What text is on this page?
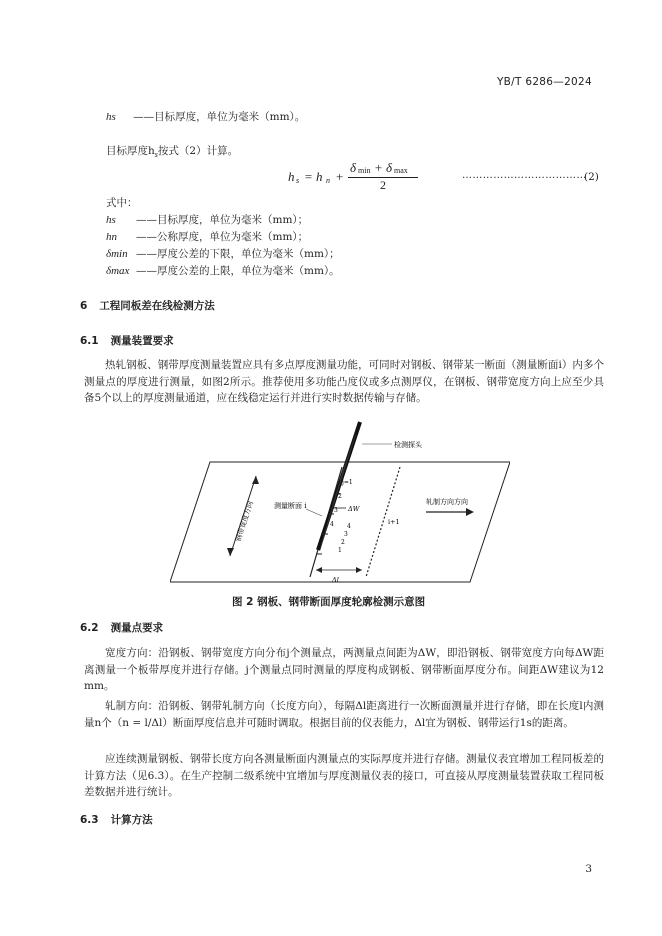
YB/T 6286—2024
hs ——目标厚度，单位为毫米（mm）。
目标厚度$h_s$按式（2）计算。
h s = h n +
δ min + δ max
2
………………………………
(2)
式中：
hs ——目标厚度，单位为毫米（mm）；
hn ——公称厚度，单位为毫米（mm）；
δmin ——厚度公差的下限，单位为毫米（mm）；
δmax ——厚度公差的上限，单位为毫米（mm）。
6 工程同板差在线检测方法
6.1 测量装置要求
热轧钢板、钢带厚度测量装置应具有多点厚度测量功能，可同时对钢板、钢带某一断面（测量断面i）内多个测量点的厚度进行测量，如图2所示。推荐使用多功能凸度仪或多点测厚仪，在钢板、钢带宽度方向上应至少具备5个以上的厚度测量通道，应在线稳定运行并进行实时数据传输与存储。
检测探头
钢带宽度方向	测量断面 i
j=1
2
3
4
1
2
3
4
ΔW
i+1
Δl
轧制方向方向
图 2 钢板、钢带断面厚度轮廓检测示意图
6.2 测量点要求
宽度方向：沿钢板、钢带宽度方向分布j个测量点，两测量点间距为ΔW，即沿钢板、钢带宽度方向每ΔW距离测量一个板带厚度并进行存储。j个测量点同时测量的厚度构成钢板、钢带断面厚度分布。间距ΔW建议为12 mm。
轧制方向：沿钢板、钢带轧制方向（长度方向），每隔Δl距离进行一次断面测量并进行存储，即在长度l内测量n个（n = l/Δl）断面厚度信息并可随时调取。根据目前的仪表能力，Δl宜为钢板、钢带运行1s的距离。
应连续测量钢板、钢带长度方向各测量断面内测量点的实际厚度并进行存储。测量仪表宜增加工程同板差的计算方法（见6.3）。在生产控制二级系统中宜增加与厚度测量仪表的接口，可直接从厚度测量装置获取工程同板差数据并进行统计。
6.3 计算方法
3
